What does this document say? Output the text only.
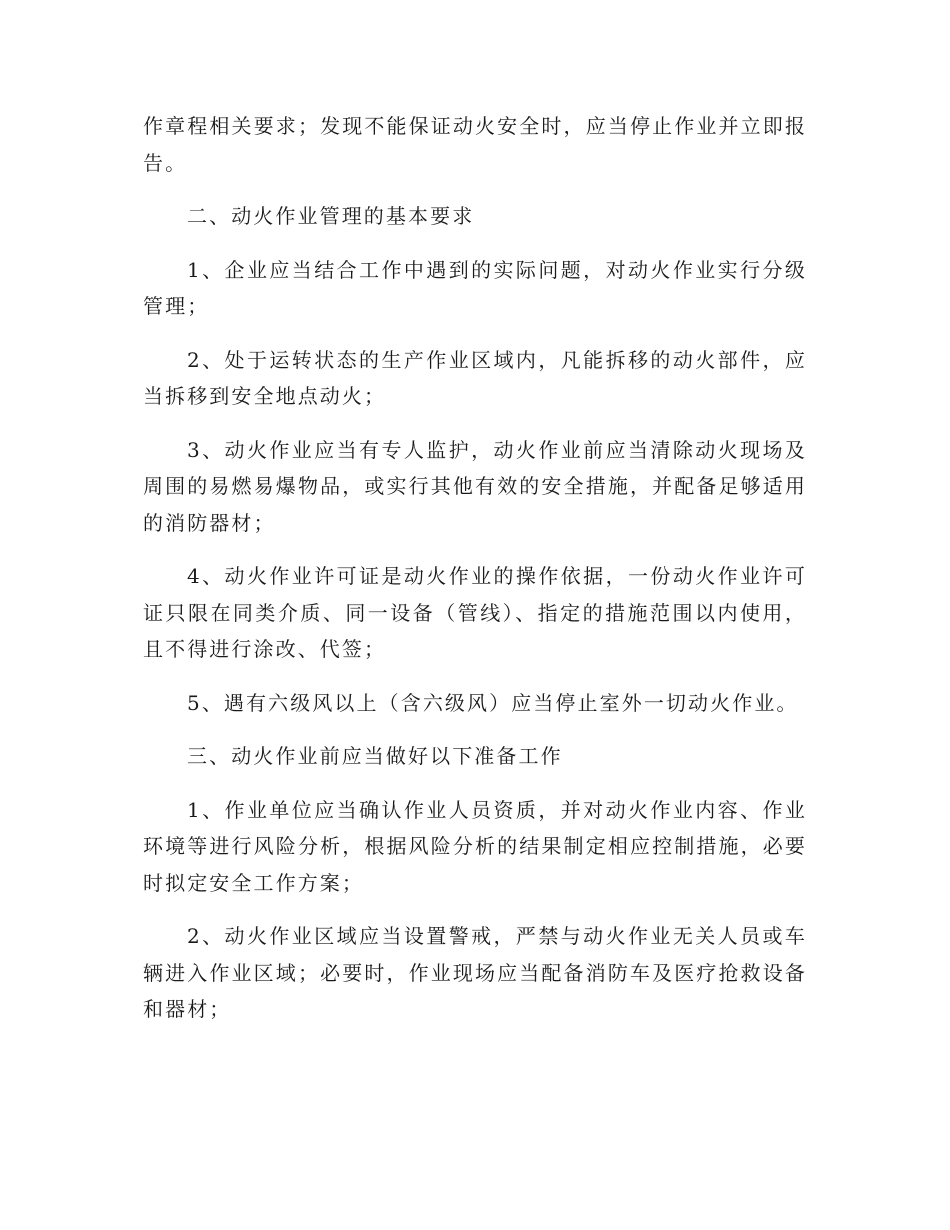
作章程相关要求；发现不能保证动火安全时，应当停止作业并立即报告。

二、动火作业管理的基本要求

1、企业应当结合工作中遇到的实际问题，对动火作业实行分级管理；

2、处于运转状态的生产作业区域内，凡能拆移的动火部件，应当拆移到安全地点动火；

3、动火作业应当有专人监护，动火作业前应当清除动火现场及周围的易燃易爆物品，或实行其他有效的安全措施，并配备足够适用的消防器材；

4、动火作业许可证是动火作业的操作依据，一份动火作业许可证只限在同类介质、同一设备（管线）、指定的措施范围以内使用，且不得进行涂改、代签；

5、遇有六级风以上（含六级风）应当停止室外一切动火作业。

三、动火作业前应当做好以下准备工作

1、作业单位应当确认作业人员资质，并对动火作业内容、作业环境等进行风险分析，根据风险分析的结果制定相应控制措施，必要时拟定安全工作方案；

2、动火作业区域应当设置警戒，严禁与动火作业无关人员或车辆进入作业区域；必要时，作业现场应当配备消防车及医疗抢救设备和器材；
